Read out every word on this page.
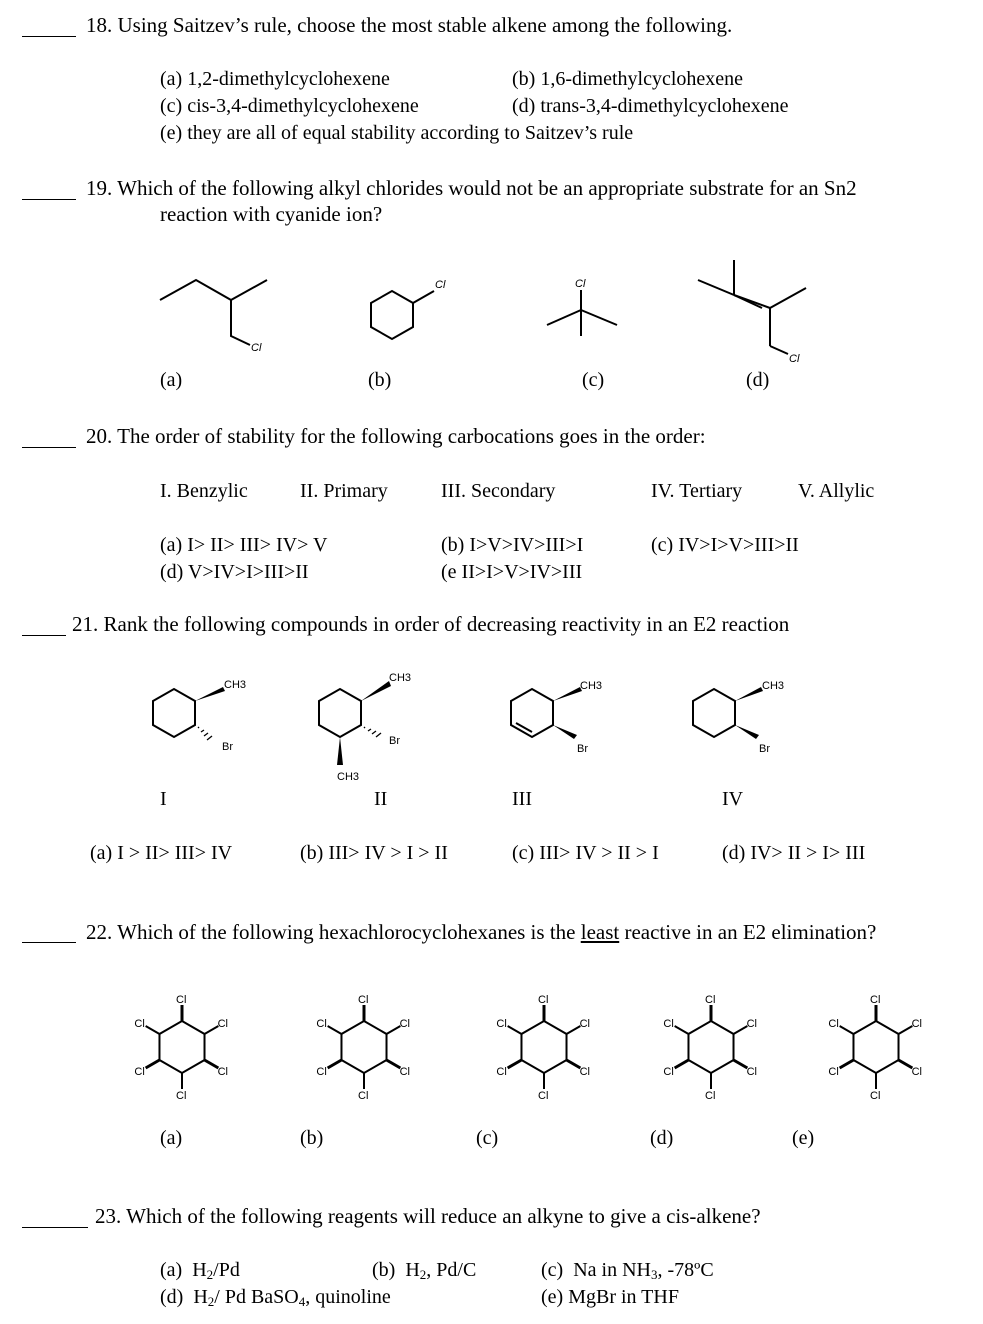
18. Using Saitzev’s rule, choose the most stable alkene among the following.
(a) 1,2-dimethylcyclohexene	(b) 1,6-dimethylcyclohexene
(c) cis-3,4-dimethylcyclohexene	(d) trans-3,4-dimethylcyclohexene
(e) they are all of equal stability according to Saitzev’s rule
19. Which of the following alkyl chlorides would not be an appropriate substrate for an Sn2
reaction with cyanide ion?
Cl
Cl	Cl
Cl
(a)	(b)	(c)	(d)
20. The order of stability for the following carbocations goes in the order:
I. Benzylic	II. Primary	III. Secondary	IV. Tertiary	V. Allylic
(a) I> II> III> IV> V	(b) I>V>IV>III>I	(c) IV>I>V>III>II
(d) V>IV>I>III>II	(e II>I>V>IV>III
21. Rank the following compounds in order of decreasing reactivity in an E2 reaction
CH3
Br
CH3
Br
CH3
CH3
Br
CH3
Br
I	II	III	IV
(a) I > II> III> IV	(b) III> IV > I > II	(c) III> IV > II > I	(d) IV> II > I> III
22. Which of the following hexachlorocyclohexanes is the least reactive in an E2 elimination?
Cl
Cl
Cl
Cl
Cl
Cl
Cl
Cl
Cl
Cl
Cl
Cl
Cl
Cl
Cl
Cl
Cl
Cl
Cl
Cl
Cl
Cl
Cl
Cl
Cl
Cl
Cl
Cl
Cl
Cl
(a)	(b)	(c)	(d)	(e)
23. Which of the following reagents will reduce an alkyne to give a cis-alkene?
(a)  $H_2/Pd$	(b)  $H_2$, Pd/C	(c)  Na in $NH_3$, -78ºC
(d)  $H_2/$ Pd BaSO$_4$, quinoline	(e) MgBr in THF
